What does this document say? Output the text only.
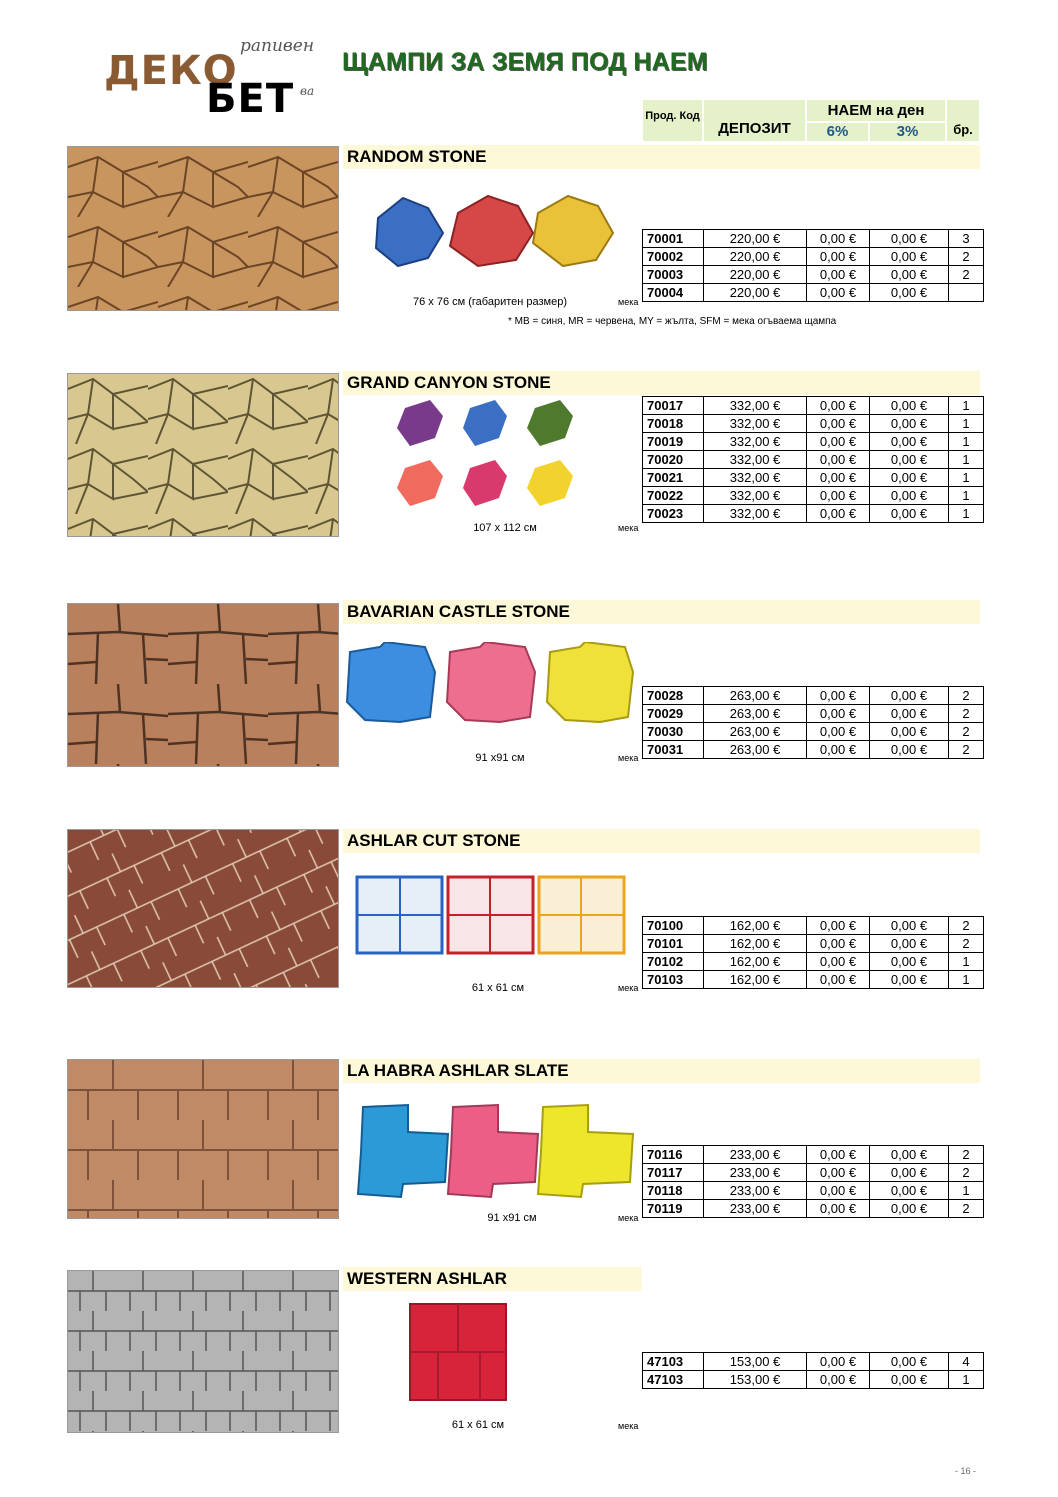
ДЕКО
БЕТ
рапивен
ва
ЩАМПИ ЗА ЗЕМЯ ПОД НАЕМ
Прод. Код
ДЕПОЗИТ
НАЕМ на ден
6%	3%	бр.
RANDOM STONE
76 х 76 см (габаритен размер)	мека
70001	220,00 €	0,00 €	0,00 €	3
70002	220,00 €	0,00 €	0,00 €	2
70003	220,00 €	0,00 €	0,00 €	2
70004	220,00 €	0,00 €	0,00 €	
* MB = синя, MR = червена, MY = жълта, SFM = мека огъваема щампа
GRAND CANYON STONE
107 x 112 см	мека
70017	332,00 €	0,00 €	0,00 €	1
70018	332,00 €	0,00 €	0,00 €	1
70019	332,00 €	0,00 €	0,00 €	1
70020	332,00 €	0,00 €	0,00 €	1
70021	332,00 €	0,00 €	0,00 €	1
70022	332,00 €	0,00 €	0,00 €	1
70023	332,00 €	0,00 €	0,00 €	1
BAVARIAN CASTLE STONE
91 x91 см	мека
70028	263,00 €	0,00 €	0,00 €	2
70029	263,00 €	0,00 €	0,00 €	2
70030	263,00 €	0,00 €	0,00 €	2
70031	263,00 €	0,00 €	0,00 €	2
ASHLAR CUT STONE
61 x 61 см	мека
70100	162,00 €	0,00 €	0,00 €	2
70101	162,00 €	0,00 €	0,00 €	2
70102	162,00 €	0,00 €	0,00 €	1
70103	162,00 €	0,00 €	0,00 €	1
LA HABRA ASHLAR SLATE
91 x91 см	мека
70116	233,00 €	0,00 €	0,00 €	2
70117	233,00 €	0,00 €	0,00 €	2
70118	233,00 €	0,00 €	0,00 €	1
70119	233,00 €	0,00 €	0,00 €	2
WESTERN ASHLAR
61 x 61 см	мека
47103	153,00 €	0,00 €	0,00 €	4
47103	153,00 €	0,00 €	0,00 €	1
- 16 -
